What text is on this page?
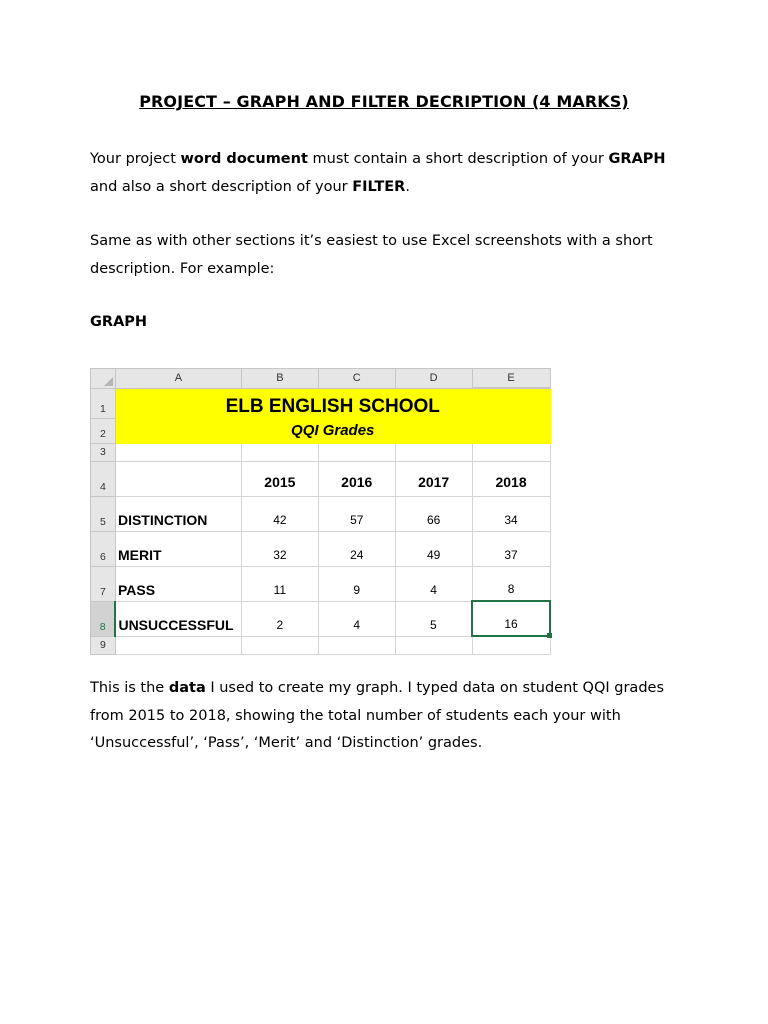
PROJECT – GRAPH AND FILTER DECRIPTION (4 MARKS)

Your project word document must contain a short description of your GRAPH and also a short description of your FILTER.

Same as with other sections it’s easiest to use Excel screenshots with a short description. For example:

GRAPH
	A	B	C	D	E
1	ELB ENGLISH SCHOOL				
2	QQI Grades				
3					
4		2015	2016	2017	2018
5	DISTINCTION	42	57	66	34
6	MERIT	32	24	49	37
7	PASS	11	9	4	8
8	UNSUCCESSFUL	2	4	5	16
9					

This is the data I used to create my graph. I typed data on student QQI grades from 2015 to 2018, showing the total number of students each your with ‘Unsuccessful’, ‘Pass’, ‘Merit’ and ‘Distinction’ grades.
